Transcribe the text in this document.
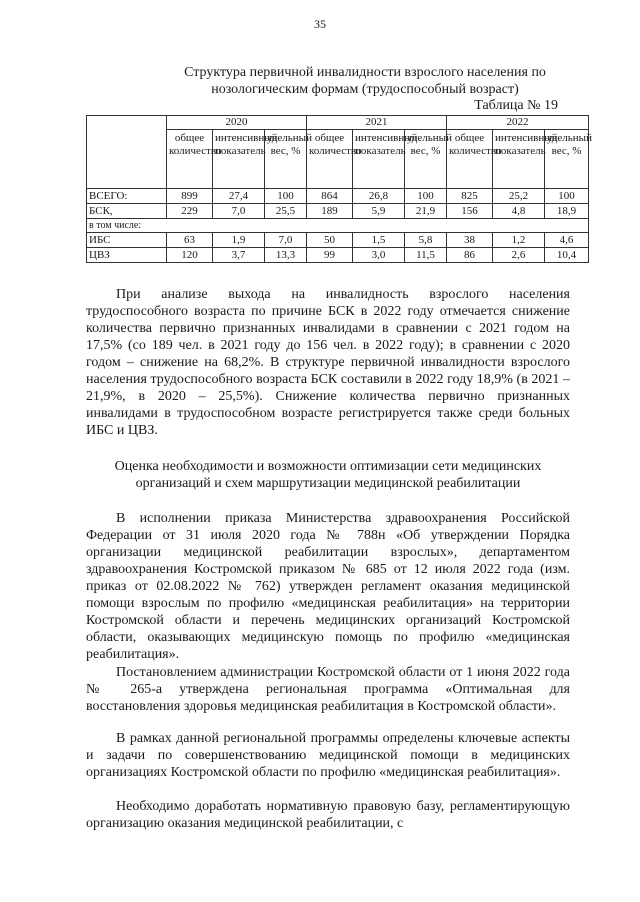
35
Структура первичной инвалидности взрослого населения по нозологическим формам (трудоспособный возраст)
Таблица № 19
	2020			2021			2022		
	общее количество	интенсивный показатель	удельный вес, %	общее количество	интенсивный показатель	удельный вес, %	общее количество	интенсивный показатель	удельный вес, %
ВСЕГО:	899	27,4	100	864	26,8	100	825	25,2	100
БСК,	229	7,0	25,5	189	5,9	21,9	156	4,8	18,9
в том числе:									
ИБС	63	1,9	7,0	50	1,5	5,8	38	1,2	4,6
ЦВЗ	120	3,7	13,3	99	3,0	11,5	86	2,6	10,4

При анализе выхода на инвалидность взрослого населения трудоспособного возраста по причине БСК в 2022 году отмечается снижение количества первично признанных инвалидами в сравнении с 2021 годом на 17,5% (со 189 чел. в 2021 году до 156 чел. в 2022 году); в сравнении с 2020 годом – снижение на 68,2%. В структуре первичной инвалидности взрослого населения трудоспособного возраста БСК составили в 2022 году 18,9% (в 2021 – 21,9%, в 2020 – 25,5%). Снижение количества первично признанных инвалидами в трудоспособном возрасте регистрируется также среди больных ИБС и ЦВЗ.

Оценка необходимости и возможности оптимизации сети медицинских организаций и схем маршрутизации медицинской реабилитации

В исполнении приказа Министерства здравоохранения Российской Федерации от 31 июля 2020 года № 788н «Об утверждении Порядка организации медицинской реабилитации взрослых», департаментом здравоохранения Костромской приказом № 685 от 12 июля 2022 года (изм. приказ от 02.08.2022 № 762) утвержден регламент оказания медицинской помощи взрослым по профилю «медицинская реабилитация» на территории Костромской области и перечень медицинских организаций Костромской области, оказывающих медицинскую помощь по профилю «медицинская реабилитация».

Постановлением администрации Костромской области от 1 июня 2022 года № 265-а утверждена региональная программа «Оптимальная для восстановления здоровья медицинская реабилитация в Костромской области».

В рамках данной региональной программы определены ключевые аспекты и задачи по совершенствованию медицинской помощи в медицинских организациях Костромской области по профилю «медицинская реабилитация».

Необходимо доработать нормативную правовую базу, регламентирующую организацию оказания медицинской реабилитации, с
